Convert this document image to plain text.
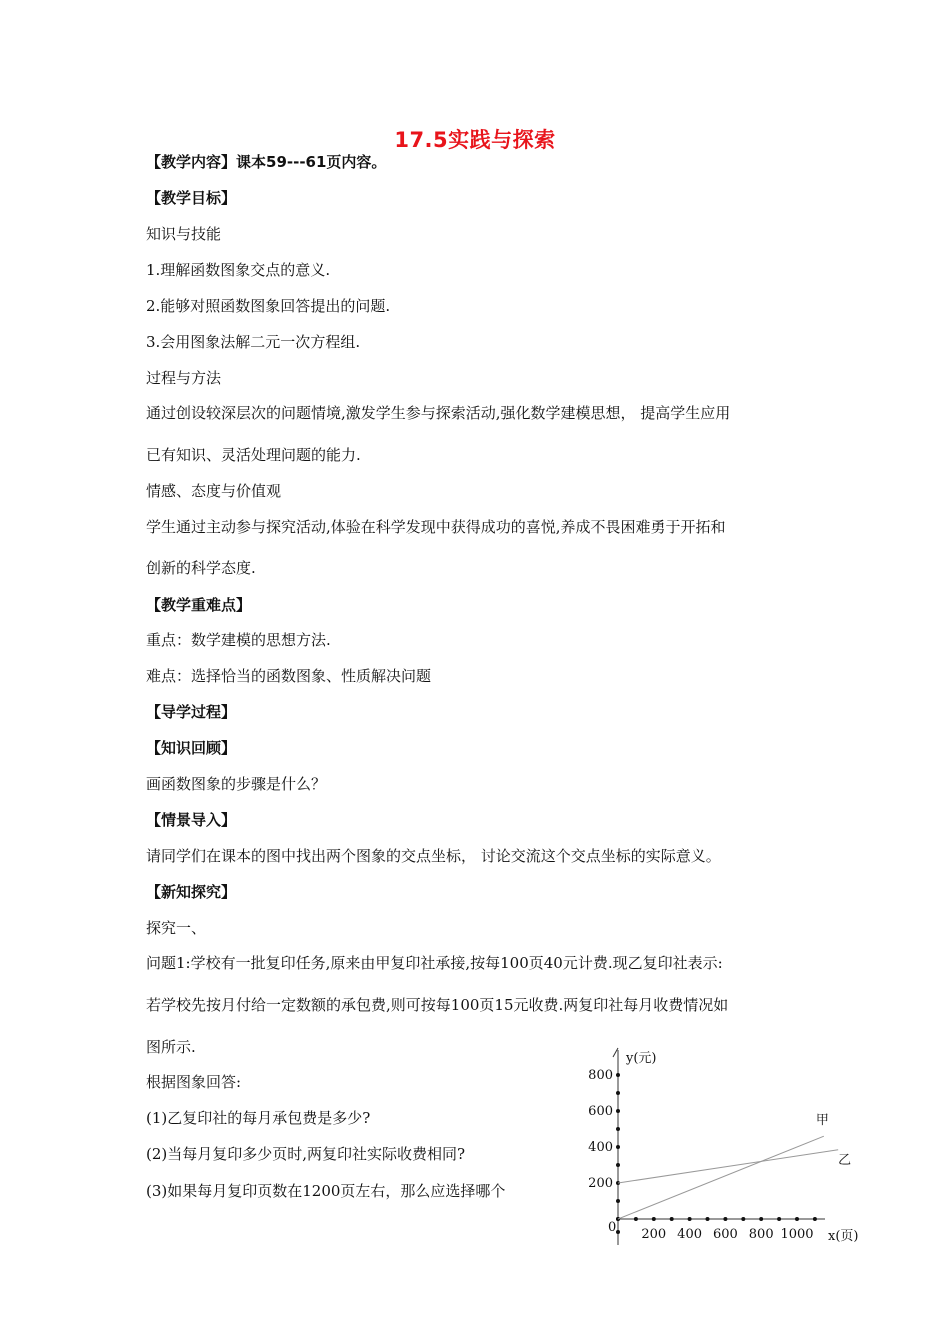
17.5实践与探索
【教学内容】课本59---61页内容。
【教学目标】
知识与技能
1.理解函数图象交点的意义.
2.能够对照函数图象回答提出的问题.
3.会用图象法解二元一次方程组.
过程与方法
通过创设较深层次的问题情境,激发学生参与探索活动,强化数学建模思想， 提高学生应用
已有知识、灵活处理问题的能力.
情感、态度与价值观
学生通过主动参与探究活动,体验在科学发现中获得成功的喜悦,养成不畏困难勇于开拓和
创新的科学态度.
【教学重难点】
重点：数学建模的思想方法.
难点：选择恰当的函数图象、性质解决问题
【导学过程】
【知识回顾】
画函数图象的步骤是什么？
【情景导入】
请同学们在课本的图中找出两个图象的交点坐标， 讨论交流这个交点坐标的实际意义。
【新知探究】
探究一、
问题1:学校有一批复印任务,原来由甲复印社承接,按每100页40元计费.现乙复印社表示:
若学校先按月付给一定数额的承包费,则可按每100页15元收费.两复印社每月收费情况如
图所示.
根据图象回答:
(1)乙复印社的每月承包费是多少?
(2)当每月复印多少页时,两复印社实际收费相同?
(3)如果每月复印页数在1200页左右，那么应选择哪个
y(元)
x(页)
0
200
400
600
800
200 400 600 800 1000
甲
乙
